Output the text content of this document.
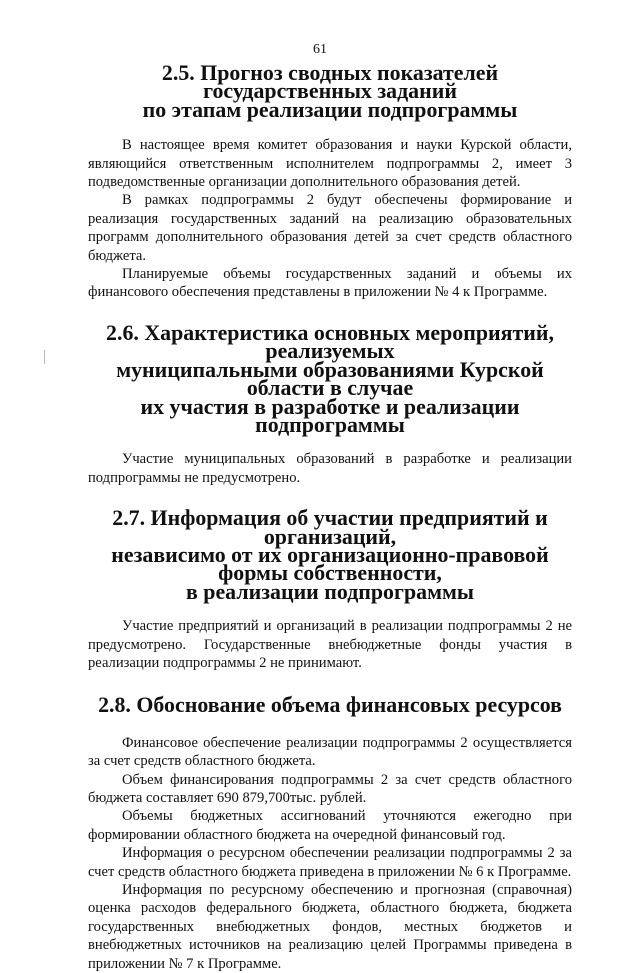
61
2.5. Прогноз сводных показателей государственных заданий
по этапам реализации подпрограммы

В настоящее время комитет образования и науки Курской области, являющийся ответственным исполнителем подпрограммы 2, имеет 3 подведомственные организации дополнительного образования детей.

В рамках подпрограммы 2 будут обеспечены формирование и реализация государственных заданий на реализацию образовательных программ дополнительного образования детей за счет средств областного бюджета.

Планируемые объемы государственных заданий и объемы их финансового обеспечения представлены в приложении № 4 к Программе.

2.6. Характеристика основных мероприятий, реализуемых
муниципальными образованиями Курской области в случае
их участия в разработке и реализации подпрограммы

Участие муниципальных образований в разработке и реализации подпрограммы не предусмотрено.

2.7. Информация об участии предприятий и организаций,
независимо от их организационно-правовой формы собственности,
в реализации подпрограммы

Участие предприятий и организаций в реализации подпрограммы 2 не предусмотрено. Государственные внебюджетные фонды участия в реализации подпрограммы 2 не принимают.

2.8. Обоснование объема финансовых ресурсов

Финансовое обеспечение реализации подпрограммы 2 осуществляется за счет средств областного бюджета.

Объем финансирования подпрограммы 2 за счет средств областного бюджета составляет 690 879,700тыс. рублей.

Объемы бюджетных ассигнований уточняются ежегодно при формировании областного бюджета на очередной финансовый год.

Информация о ресурсном обеспечении реализации подпрограммы 2 за счет средств областного бюджета приведена в приложении № 6 к Программе.

Информация по ресурсному обеспечению и прогнозная (справочная) оценка расходов федерального бюджета, областного бюджета, бюджета государственных внебюджетных фондов, местных бюджетов и внебюджетных источников на реализацию целей Программы приведена в приложении № 7 к Программе.
